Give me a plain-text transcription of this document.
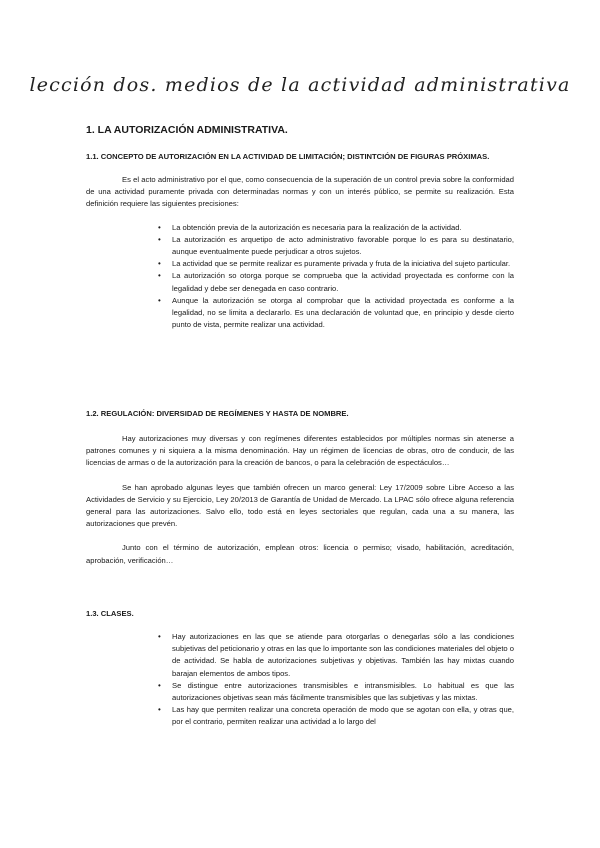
lección dos. medios de la actividad administrativa
1. LA AUTORIZACIÓN ADMINISTRATIVA.
1.1. CONCEPTO DE AUTORIZACIÓN EN LA ACTIVIDAD DE LIMITACIÓN; DISTINTCIÓN DE FIGURAS PRÓXIMAS.

Es el acto administrativo por el que, como consecuencia de la superación de un control previa sobre la conformidad de una actividad puramente privada con determinadas normas y con un interés público, se permite su realización. Esta definición requiere las siguientes precisiones:

• La obtención previa de la autorización es necesaria para la realización de la actividad.
• La autorización es arquetipo de acto administrativo favorable porque lo es para su destinatario, aunque eventualmente puede perjudicar a otros sujetos.
• La actividad que se permite realizar es puramente privada y fruta de la iniciativa del sujeto particular.
• La autorización so otorga porque se comprueba que la actividad proyectada es conforme con la legalidad y debe ser denegada en caso contrario.
• Aunque la autorización se otorga al comprobar que la actividad proyectada es conforme a la legalidad, no se limita a declararlo. Es una declaración de voluntad que, en principio y desde cierto punto de vista, permite realizar una actividad.
1.2. REGULACIÓN: DIVERSIDAD DE REGÍMENES Y HASTA DE NOMBRE.

Hay autorizaciones muy diversas y con regímenes diferentes establecidos por múltiples normas sin atenerse a patrones comunes y ni siquiera a la misma denominación. Hay un régimen de licencias de obras, otro de conducir, de las licencias de armas o de la autorización para la creación de bancos, o para la celebración de espectáculos…

Se han aprobado algunas leyes que también ofrecen un marco general: Ley 17/2009 sobre Libre Acceso a las Actividades de Servicio y su Ejercicio, Ley 20/2013 de Garantía de Unidad de Mercado. La LPAC sólo ofrece alguna referencia general para las autorizaciones. Salvo ello, todo está en leyes sectoriales que regulan, cada una a su manera, las autorizaciones que prevén.

Junto con el término de autorización, emplean otros: licencia o permiso; visado, habilitación, acreditación, aprobación, verificación…

1.3. CLASES.
• Hay autorizaciones en las que se atiende para otorgarlas o denegarlas sólo a las condiciones subjetivas del peticionario y otras en las que lo importante son las condiciones materiales del objeto o de actividad. Se habla de autorizaciones subjetivas y objetivas. También las hay mixtas cuando barajan elementos de ambos tipos.
• Se distingue entre autorizaciones transmisibles e intransmisibles. Lo habitual es que las autorizaciones objetivas sean más fácilmente transmisibles que las subjetivas y las mixtas.
• Las hay que permiten realizar una concreta operación de modo que se agotan con ella, y otras que, por el contrario, permiten realizar una actividad a lo largo del
